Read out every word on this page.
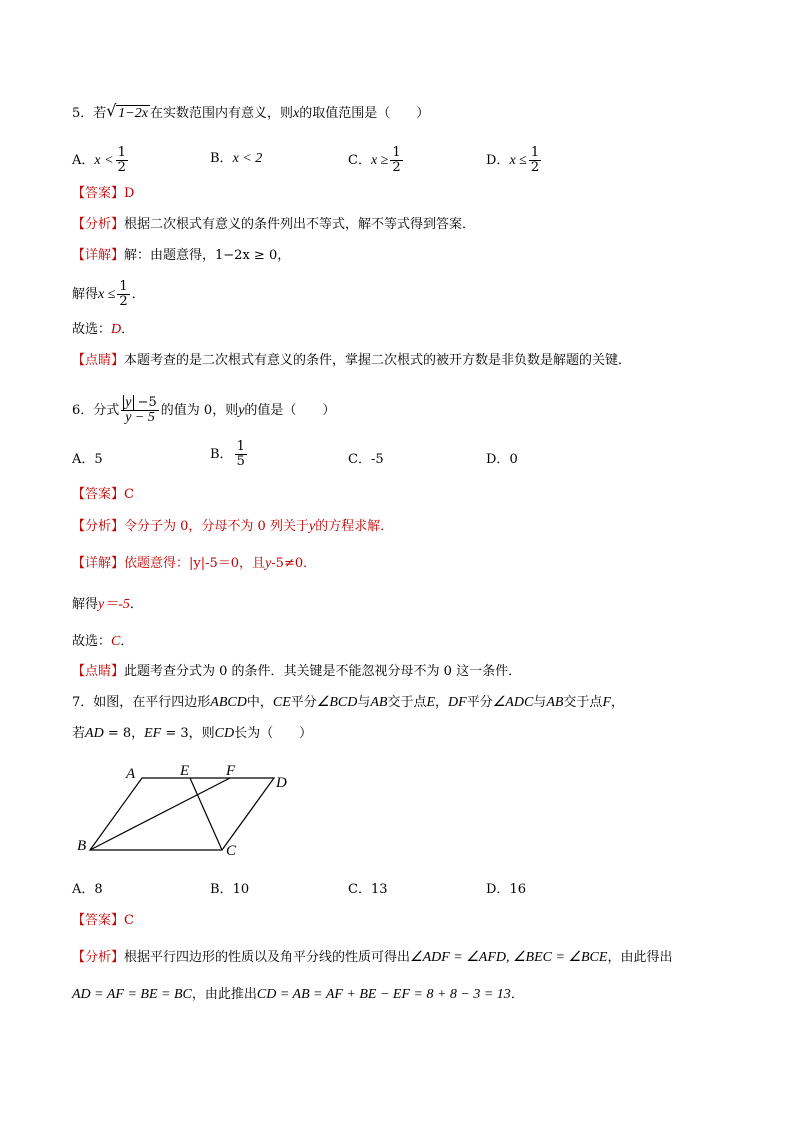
5．若 √ 1−2x 在实数范围内有意义，则x的取值范围是（　　）
A．$x < \frac{1}{2}$	B．x < 2	C．$x \ge \frac{1}{2}$	D．$x \le \frac{1}{2}$
【答案】D
【分析】根据二次根式有意义的条件列出不等式，解不等式得到答案．
【详解】解：由题意得，1−2x ≥ 0，
解得$x \le \frac{1}{2}$ ．
故选：D．
【点睛】本题考查的是二次根式有意义的条件，掌握二次根式的被开方数是非负数是解题的关键．
6．分式 $\frac{y -5}{y - 5}$ 的值为 0，则y的值是（　　）
A．5	B． $\frac{1}{5}$	C．-5	D．0
【答案】C
【分析】令分子为 0，分母不为 0 列关于y的方程求解．
【详解】依题意得：|y|-5＝0，且y-5≠0．
解得y＝-5．
故选：C．
【点睛】此题考查分式为 0 的条件．其关键是不能忽视分母不为 0 这一条件．
7．如图，在平行四边形ABCD中，CE平分∠BCD与AB交于点E，DF平分∠ADC与AB交于点F，
若AD = 8，EF = 3，则CD长为（　　）
A	E F
D
B	C
A．8	B．10	C．13	D．16
【答案】C
【分析】根据平行四边形的性质以及角平分线的性质可得出∠ADF = ∠AFD, ∠BEC = ∠BCE，由此得出
AD = AF = BE = BC，由此推出CD = AB = AF + BE − EF = 8 + 8 − 3 = 13．
